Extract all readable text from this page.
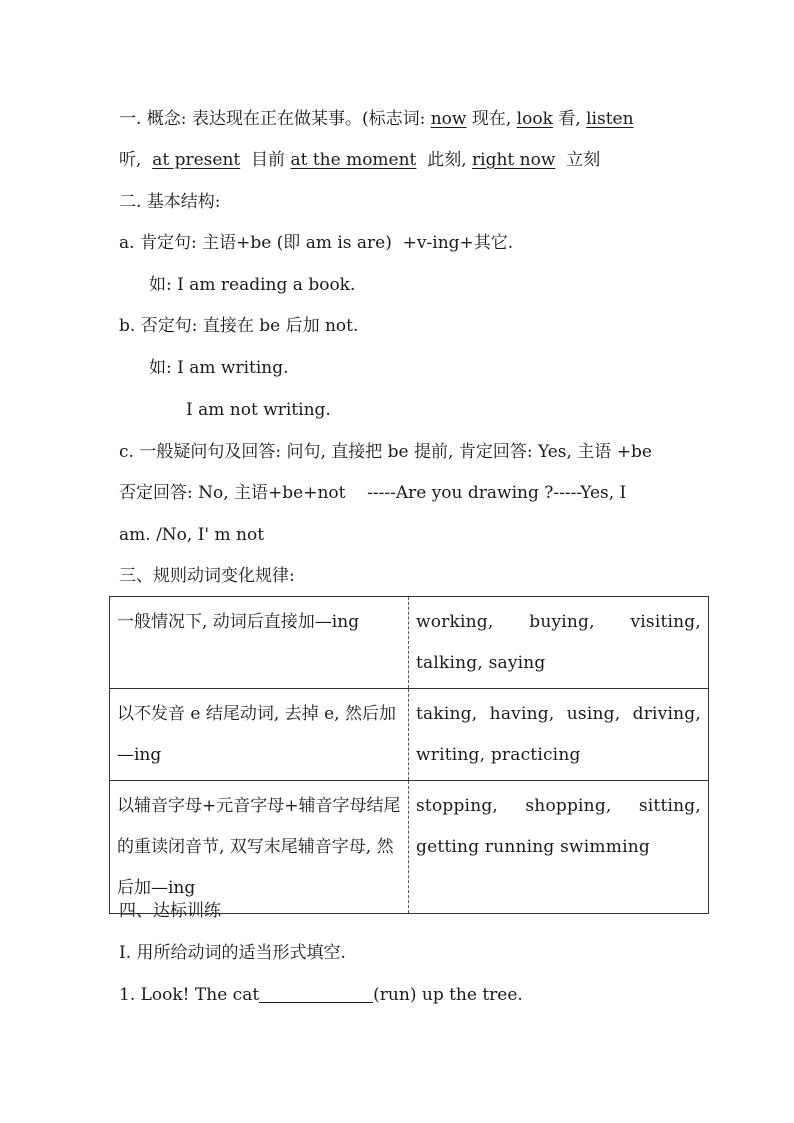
一. 概念: 表达现在正在做某事。(标志词: now 现在, look 看, listen
听,  at present  目前 at the moment  此刻, right now  立刻
二. 基本结构:
a. 肯定句: 主语+be (即 am is are)  +v-ing+其它.
如: I am reading a book.
b. 否定句: 直接在 be 后加 not.
如: I am writing.
I am not writing.
c. 一般疑问句及回答: 问句, 直接把 be 提前, 肯定回答: Yes, 主语 +be
否定回答: No, 主语+be+not    -----Are you drawing ?-----Yes, I
am. /No, I' m not
三、规则动词变化规律:
一般情况下, 动词后直接加—ing	working, buying, visiting,
talking, saying

以不发音 e 结尾动词, 去掉 e, 然后加—ing	taking, having, using, driving,
writing, practicing

以辅音字母+元音字母+辅音字母结尾的重读闭音节, 双写末尾辅音字母, 然后加—ing	stopping, shopping, sitting,
getting running swimming
四、达标训练
I. 用所给动词的适当形式填空.
1. Look! The cat	(run) up the tree.
